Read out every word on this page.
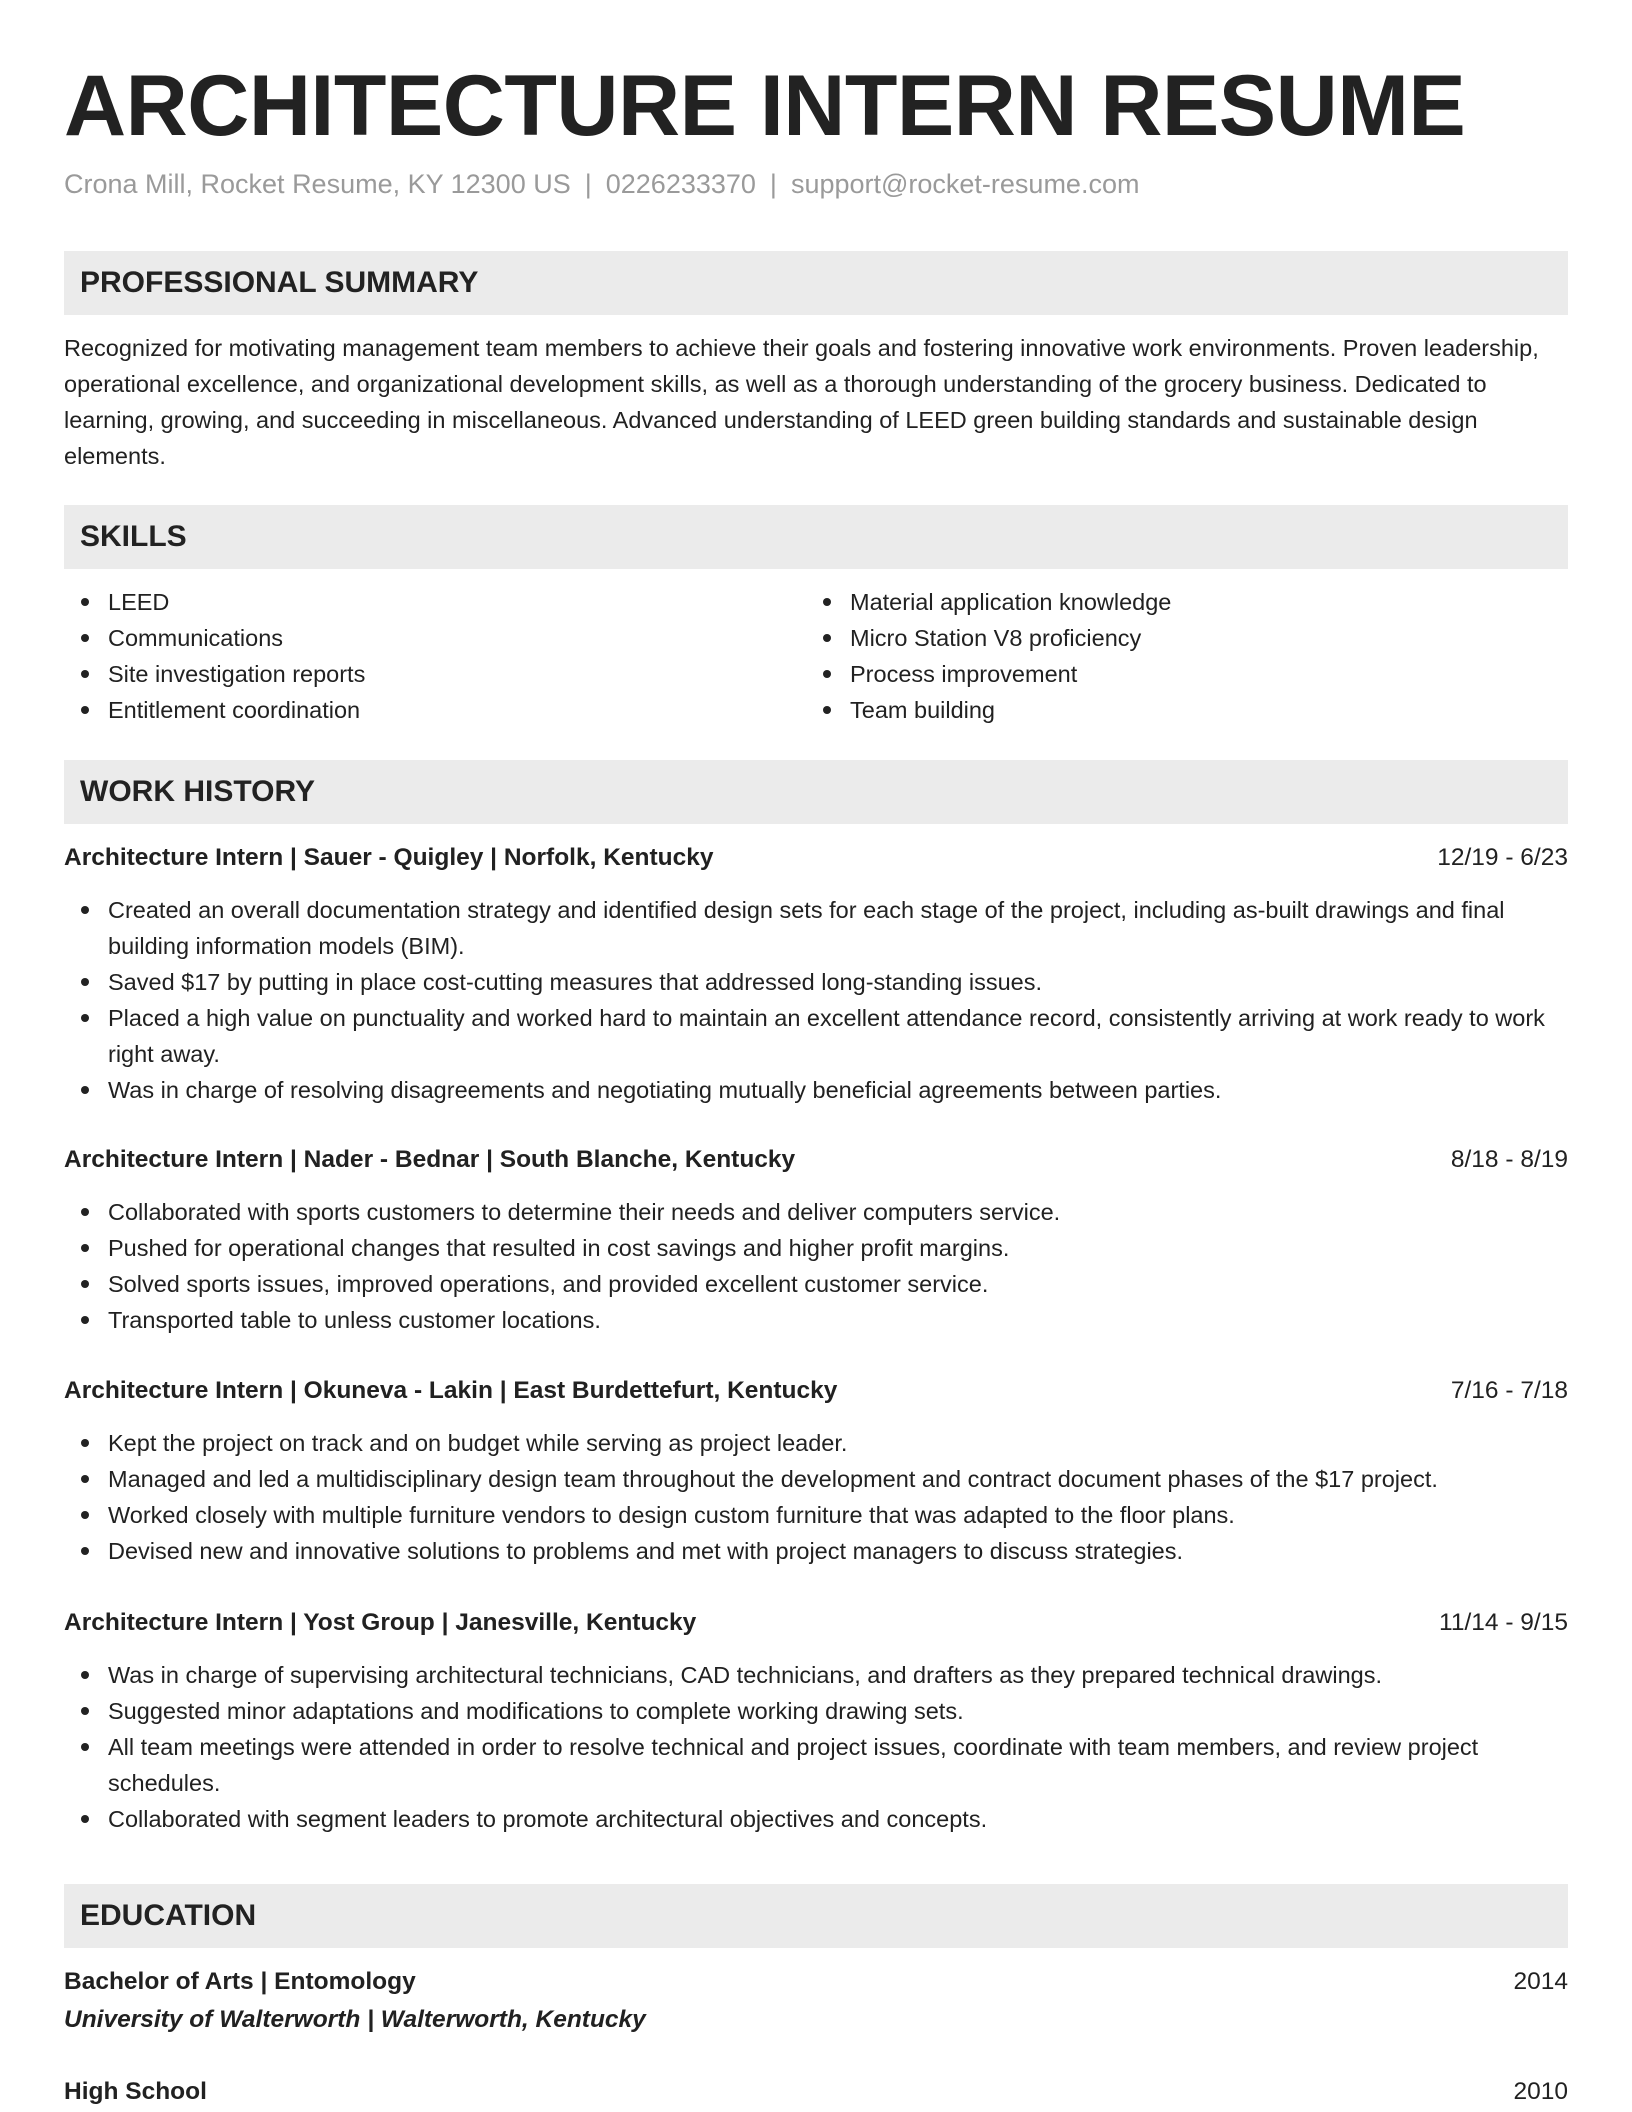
ARCHITECTURE INTERN RESUME
Crona Mill, Rocket Resume, KY 12300 US | 0226233370 | support@rocket-resume.com
PROFESSIONAL SUMMARY

Recognized for motivating management team members to achieve their goals and fostering innovative work environments. Proven leadership, operational excellence, and organizational development skills, as well as a thorough understanding of the grocery business. Dedicated to learning, growing, and succeeding in miscellaneous. Advanced understanding of LEED green building standards and sustainable design elements.

SKILLS
LEED
Communications
Site investigation reports
Entitlement coordination
Material application knowledge
Micro Station V8 proficiency
Process improvement
Team building
WORK HISTORY
Architecture Intern | Sauer - Quigley | Norfolk, Kentucky	12/19 - 6/23
Created an overall documentation strategy and identified design sets for each stage of the project, including as-built drawings and final building information models (BIM).
Saved $17 by putting in place cost-cutting measures that addressed long-standing issues.
Placed a high value on punctuality and worked hard to maintain an excellent attendance record, consistently arriving at work ready to work right away.
Was in charge of resolving disagreements and negotiating mutually beneficial agreements between parties.
Architecture Intern | Nader - Bednar | South Blanche, Kentucky	8/18 - 8/19
Collaborated with sports customers to determine their needs and deliver computers service.
Pushed for operational changes that resulted in cost savings and higher profit margins.
Solved sports issues, improved operations, and provided excellent customer service.
Transported table to unless customer locations.
Architecture Intern | Okuneva - Lakin | East Burdettefurt, Kentucky	7/16 - 7/18
Kept the project on track and on budget while serving as project leader.
Managed and led a multidisciplinary design team throughout the development and contract document phases of the $17 project.
Worked closely with multiple furniture vendors to design custom furniture that was adapted to the floor plans.
Devised new and innovative solutions to problems and met with project managers to discuss strategies.
Architecture Intern | Yost Group | Janesville, Kentucky	11/14 - 9/15
Was in charge of supervising architectural technicians, CAD technicians, and drafters as they prepared technical drawings.
Suggested minor adaptations and modifications to complete working drawing sets.
All team meetings were attended in order to resolve technical and project issues, coordinate with team members, and review project schedules.
Collaborated with segment leaders to promote architectural objectives and concepts.
EDUCATION
Bachelor of Arts | Entomology	2014
University of Walterworth | Walterworth, Kentucky
High School	2010
